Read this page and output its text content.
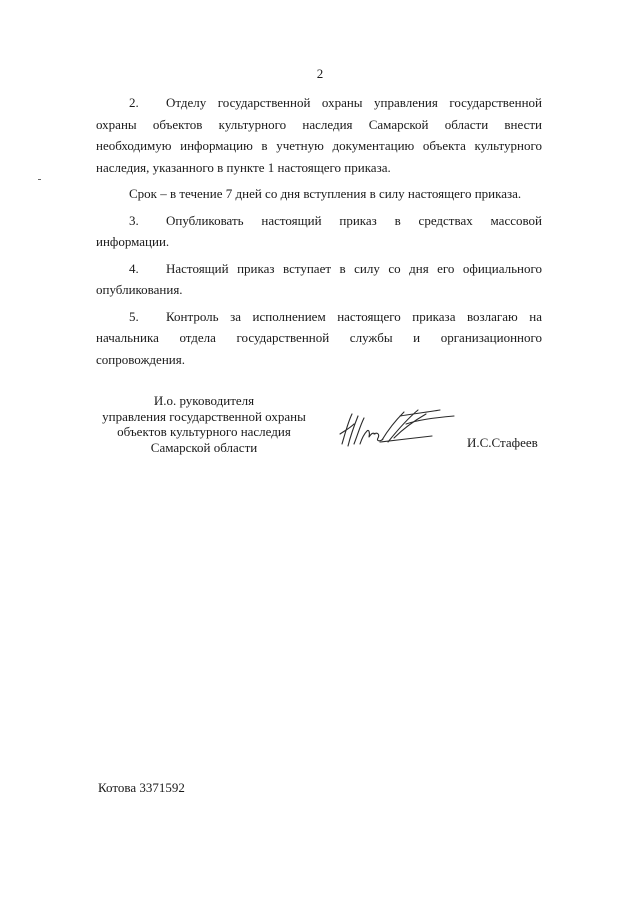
2

2. Отделу государственной охраны управления государственной охраны объектов культурного наследия Самарской области внести необходимую информацию в учетную документацию объекта культурного наследия, указанного в пункте 1 настоящего приказа.

Срок – в течение 7 дней со дня вступления в силу настоящего приказа.

3. Опубликовать настоящий приказ в средствах массовой информации.

4. Настоящий приказ вступает в силу со дня его официального опубликования.

5. Контроль за исполнением настоящего приказа возлагаю на начальника отдела государственной службы и организационного сопровождения.

И.о. руководителя
управления государственной охраны
объектов культурного наследия
Самарской области	И.С.Стафеев
Котова 3371592
